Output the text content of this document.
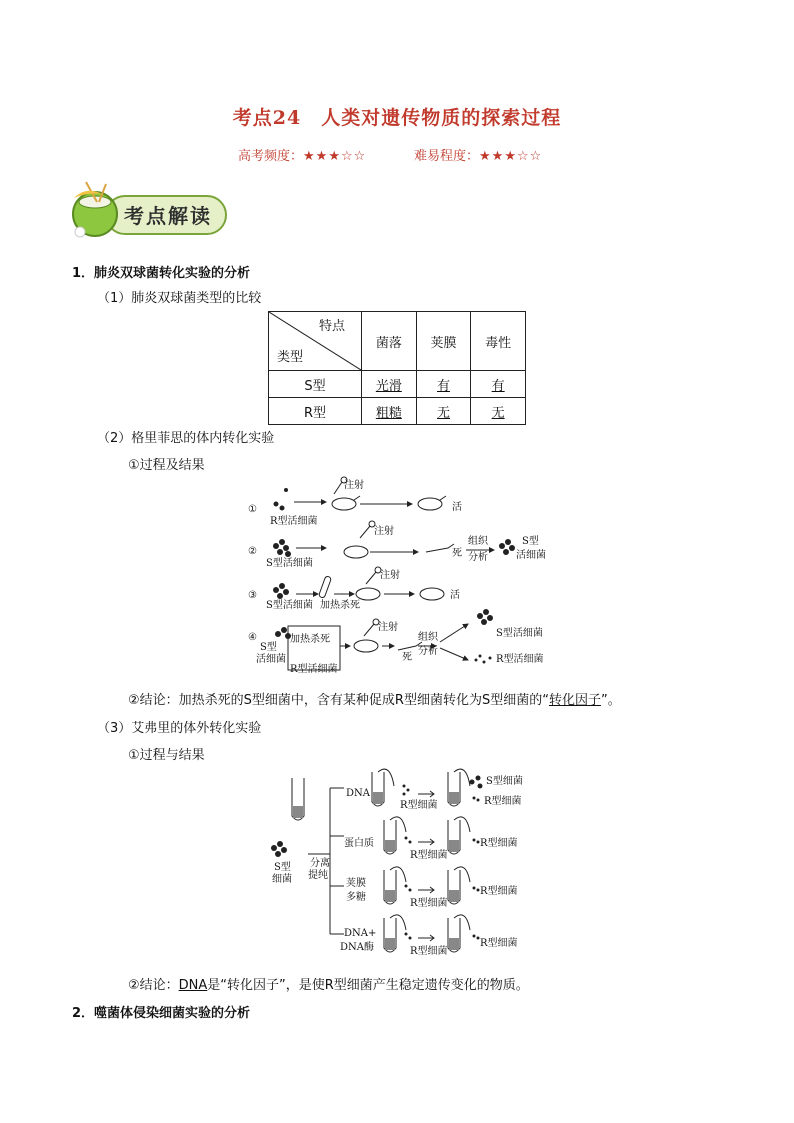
考点24　人类对遗传物质的探索过程
高考频度：★★★☆☆	难易程度：★★★☆☆
考点解读
1．肺炎双球菌转化实验的分析
（1）肺炎双球菌类型的比较
特点
类型	菌落	荚膜	毒性
S型	光滑	有	有
R型	粗糙	无	无
（2）格里菲思的体内转化实验
①过程及结果
①
②
③
④
注射
R型活细菌
活
注射
S型活细菌
死
组织
分析
S型
活细菌
注射
S型活细菌 加热杀死
活
S型
活细菌
加热杀死
R型活细菌
注射
死
组织
分析
S型活细菌
R型活细菌
②结论：加热杀死的S型细菌中，含有某种促成R型细菌转化为S型细菌的“转化因子”。
（3）艾弗里的体外转化实验
①过程与结果
S型
细菌
分离
提纯
DNA
R型细菌
S型细菌
R型细菌
蛋白质
R型细菌
R型细菌
荚膜
多糖
R型细菌
R型细菌
DNA+
DNA酶	R型细菌
R型细菌
②结论：DNA是“转化因子”，是使R型细菌产生稳定遗传变化的物质。
2．噬菌体侵染细菌实验的分析
